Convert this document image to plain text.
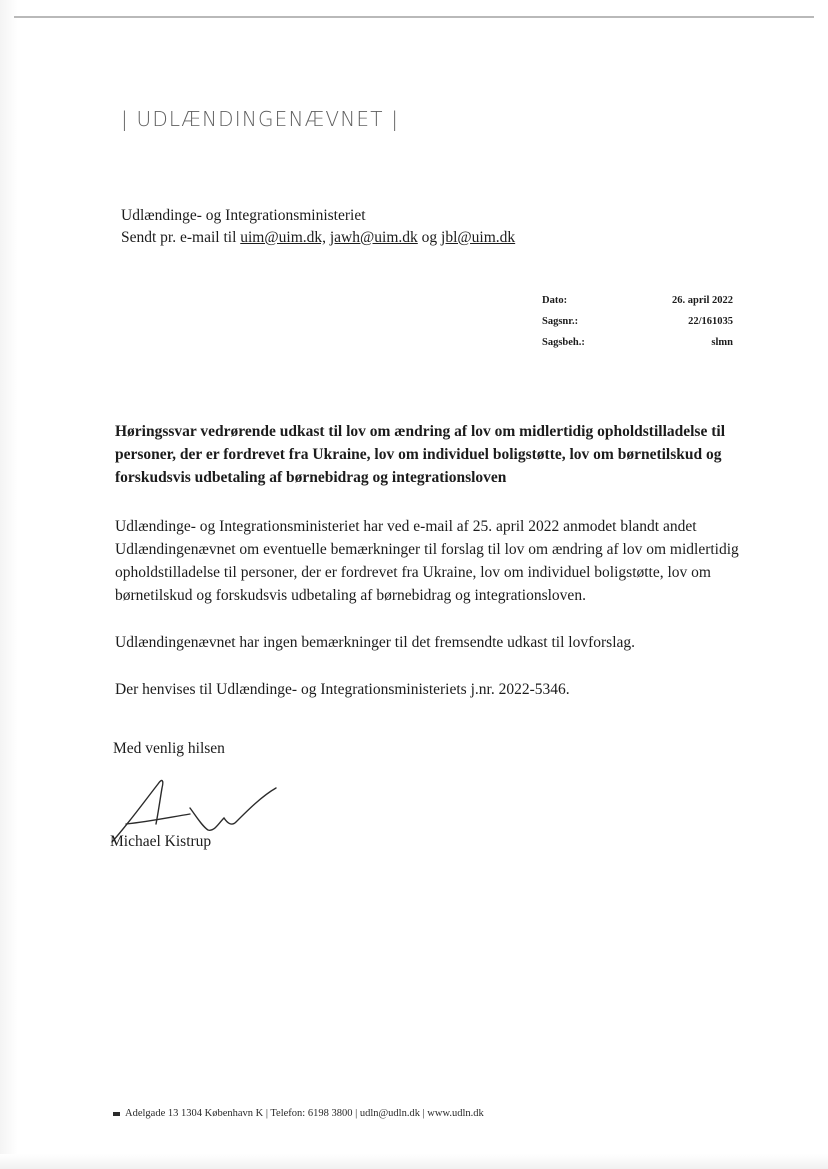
| UDLÆNDINGENÆVNET |
Udlændinge- og Integrationsministeriet
Sendt pr. e-mail til uim@uim.dk, jawh@uim.dk og jbl@uim.dk
Dato:	26. april 2022
Sagsnr.:	22/161035
Sagsbeh.:	slmn

Høringssvar vedrørende udkast til lov om ændring af lov om midlertidig opholdstilladelse til personer, der er fordrevet fra Ukraine, lov om individuel boligstøtte, lov om børnetilskud og forskudsvis udbetaling af børnebidrag og integrationsloven

Udlændinge- og Integrationsministeriet har ved e-mail af 25. april 2022 anmodet blandt andet Udlændingenævnet om eventuelle bemærkninger til forslag til lov om ændring af lov om midlertidig opholdstilladelse til personer, der er fordrevet fra Ukraine, lov om individuel boligstøtte, lov om børnetilskud og forskudsvis udbetaling af børnebidrag og integrationsloven.

Udlændingenævnet har ingen bemærkninger til det fremsendte udkast til lovforslag.

Der henvises til Udlændinge- og Integrationsministeriets j.nr. 2022-5346.

Med venlig hilsen

Michael Kistrup

Adelgade 13 1304 København K | Telefon: 6198 3800 | udln@udln.dk | www.udln.dk
